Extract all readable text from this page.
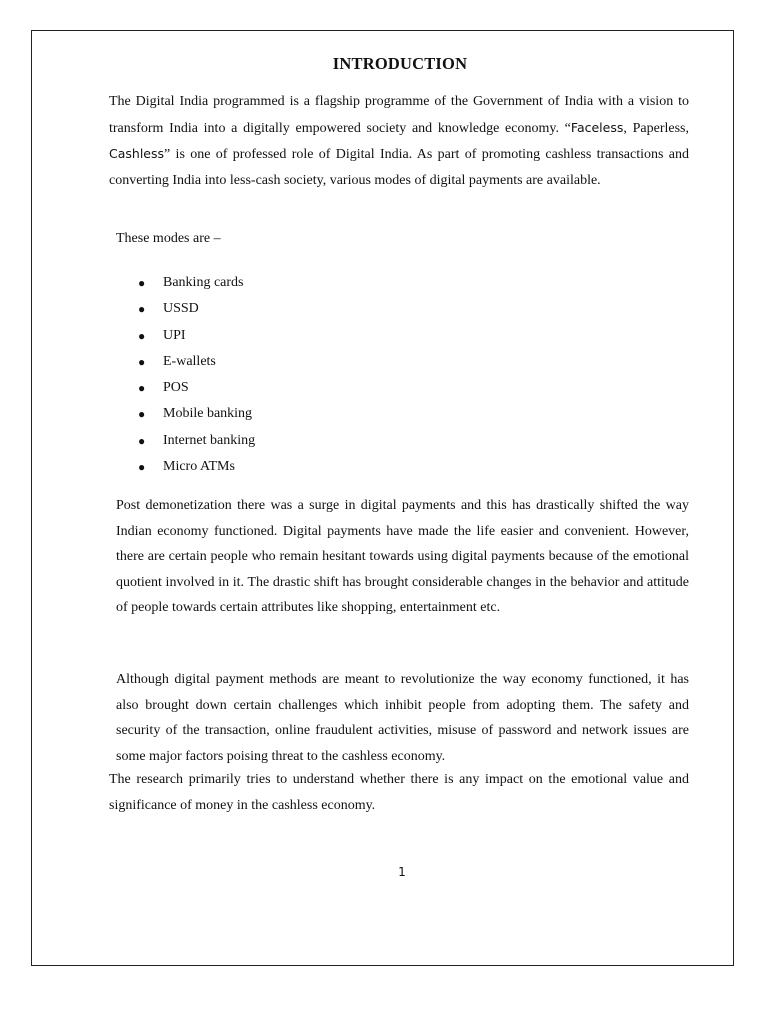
INTRODUCTION

The Digital India programmed is a flagship programme of the Government of India with a vision to transform India into a digitally empowered society and knowledge economy. “Faceless, Paperless, Cashless” is one of professed role of Digital India. As part of promoting cashless transactions and converting India into less-cash society, various modes of digital payments are available.

These modes are –

● Banking cards
● USSD
● UPI
● E-wallets
● POS
● Mobile banking
● Internet banking
● Micro ATMs

Post demonetization there was a surge in digital payments and this has drastically shifted the way Indian economy functioned. Digital payments have made the life easier and convenient. However, there are certain people who remain hesitant towards using digital payments because of the emotional quotient involved in it. The drastic shift has brought considerable changes in the behavior and attitude of people towards certain attributes like shopping, entertainment etc.

Although digital payment methods are meant to revolutionize the way economy functioned, it has also brought down certain challenges which inhibit people from adopting them. The safety and security of the transaction, online fraudulent activities, misuse of password and network issues are some major factors poising threat to the cashless economy.

The research primarily tries to understand whether there is any impact on the emotional value and significance of money in the cashless economy.

1
